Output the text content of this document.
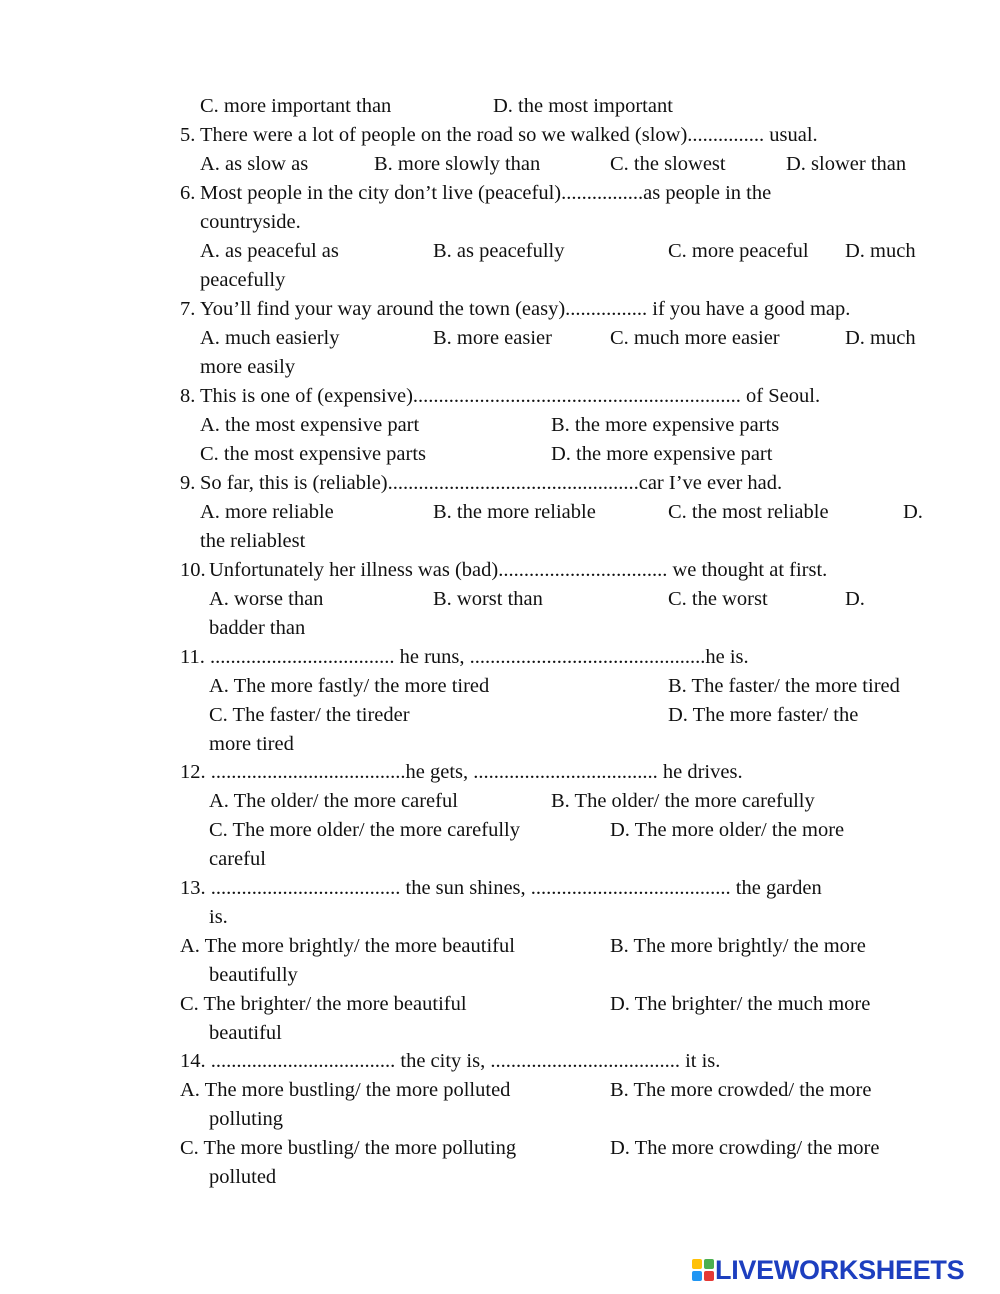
C. more important than	D. the most important

5. There were a lot of people on the road so we walked (slow)............... usual.

A. as slow as	B. more slowly than	C. the slowest	D. slower than

6. Most people in the city don’t live (peaceful)................as people in the

countryside.

A. as peaceful as	B. as peacefully	C. more peaceful D. much

peacefully

7. You’ll find your way around the town (easy)................ if you have a good map.

A. much easierly	B. more easier	C. much more easier	D. much

more easily

8. This is one of (expensive)................................................................ of Seoul.

A. the most expensive part	B. the more expensive parts

C. the most expensive parts	D. the more expensive part

9. So far, this is (reliable).................................................car I’ve ever had.

A. more reliable	B. the more reliable	C. the most reliable	D.

the reliablest

10. Unfortunately her illness was (bad)................................. we thought at first.

A. worse than	B. worst than	C. the worst	D.

badder than

11. .................................... he runs, ..............................................he is.

A. The more fastly/ the more tired	B. The faster/ the more tired

C. The faster/ the tireder	D. The more faster/ the

more tired

12. ......................................he gets, .................................... he drives.

A. The older/ the more careful	B. The older/ the more carefully

C. The more older/ the more carefully	D. The more older/ the more

careful

13. ..................................... the sun shines, ....................................... the garden

is.

A. The more brightly/ the more beautiful	B. The more brightly/ the more

beautifully

C. The brighter/ the more beautiful	D. The brighter/ the much more

beautiful

14. .................................... the city is, ..................................... it is.

A. The more bustling/ the more polluted	B. The more crowded/ the more

polluting

C. The more bustling/ the more polluting	D. The more crowding/ the more

polluted

LIVEWORKSHEETS
